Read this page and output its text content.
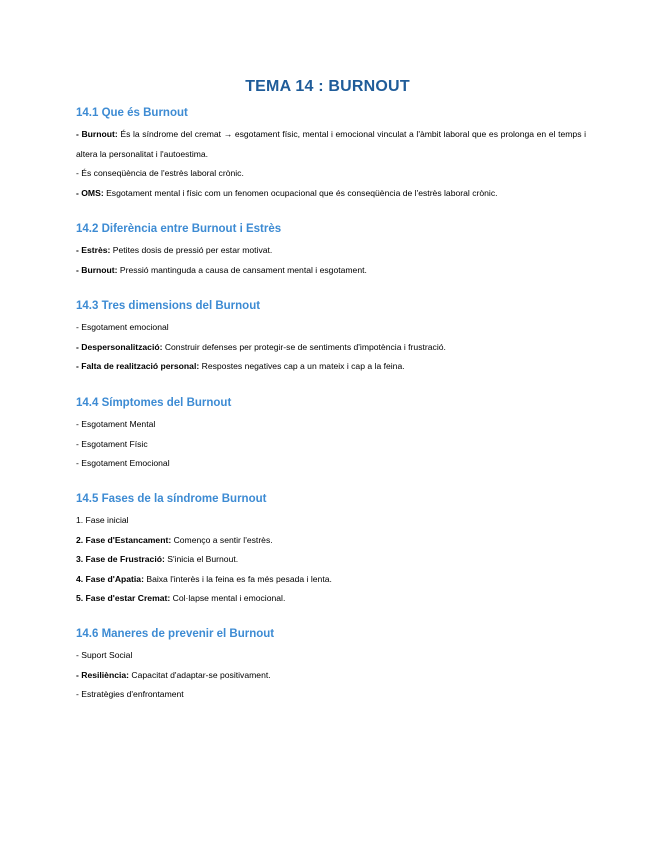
TEMA 14 : BURNOUT
14.1 Que és Burnout

- Burnout: És la síndrome del cremat → esgotament físic, mental i emocional vinculat a l'àmbit laboral que es prolonga en el temps i altera la personalitat i l'autoestima.

- És conseqüència de l'estrès laboral crònic.

- OMS: Esgotament mental i físic com un fenomen ocupacional que és conseqüència de l'estrès laboral crònic.

14.2 Diferència entre Burnout i Estrès

- Estrès: Petites dosis de pressió per estar motivat.

- Burnout: Pressió mantinguda a causa de cansament mental i esgotament.

14.3 Tres dimensions del Burnout

- Esgotament emocional

- Despersonalització: Construir defenses per protegir-se de sentiments d'impotència i frustració.

- Falta de realització personal: Respostes negatives cap a un mateix i cap a la feina.

14.4 Símptomes del Burnout

- Esgotament Mental

- Esgotament Físic

- Esgotament Emocional

14.5 Fases de la síndrome Burnout

1. Fase inicial

2. Fase d'Estancament: Començo a sentir l'estrès.

3. Fase de Frustració: S'inicia el Burnout.

4. Fase d'Apatia: Baixa l'interès i la feina es fa més pesada i lenta.

5. Fase d'estar Cremat: Col·lapse mental i emocional.

14.6 Maneres de prevenir el Burnout

- Suport Social

- Resiliència: Capacitat d'adaptar-se positivament.

- Estratègies d'enfrontament
